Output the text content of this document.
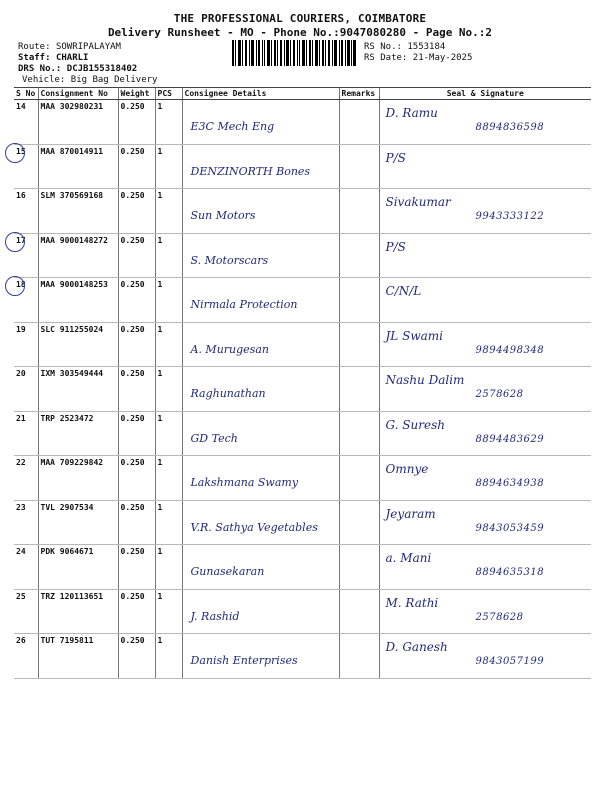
THE PROFESSIONAL COURIERS, COIMBATORE
Delivery Runsheet - MO - Phone No.:9047080280 - Page No.:2
Route: SOWRIPALAYAM
Staff: CHARLI
DRS No.: DCJB155318402
Vehicle: Big Bag Delivery
RS No.: 1553184
RS Date: 21-May-2025
S No	Consignment No	Weight	PCS	Consignee Details	Remarks	Seal & Signature
14	MAA 302980231	0.250	1	E3C Mech Eng		D. Ramu
8894836598

15	MAA 870014911	0.250	1	DENZINORTH Bones		P/S

16	SLM 370569168	0.250	1	Sun Motors		Sivakumar
9943333122

17	MAA 9000148272	0.250	1	S. Motorscars		P/S

18	MAA 9000148253	0.250	1	Nirmala Protection		C/N/L

19	SLC 911255024	0.250	1	A. Murugesan		JL Swami
9894498348

20	IXM 303549444	0.250	1	Raghunathan		Nashu Dalim
2578628

21	TRP 2523472	0.250	1	GD Tech		G. Suresh
8894483629

22	MAA 709229842	0.250	1	Lakshmana Swamy		Omnye
8894634938

23	TVL 2907534	0.250	1	V.R. Sathya Vegetables		Jeyaram
9843053459

24	PDK 9064671	0.250	1	Gunasekaran		a. Mani
8894635318

25	TRZ 120113651	0.250	1	J. Rashid		M. Rathi
2578628

26	TUT 7195811	0.250	1	Danish Enterprises		D. Ganesh
9843057199
